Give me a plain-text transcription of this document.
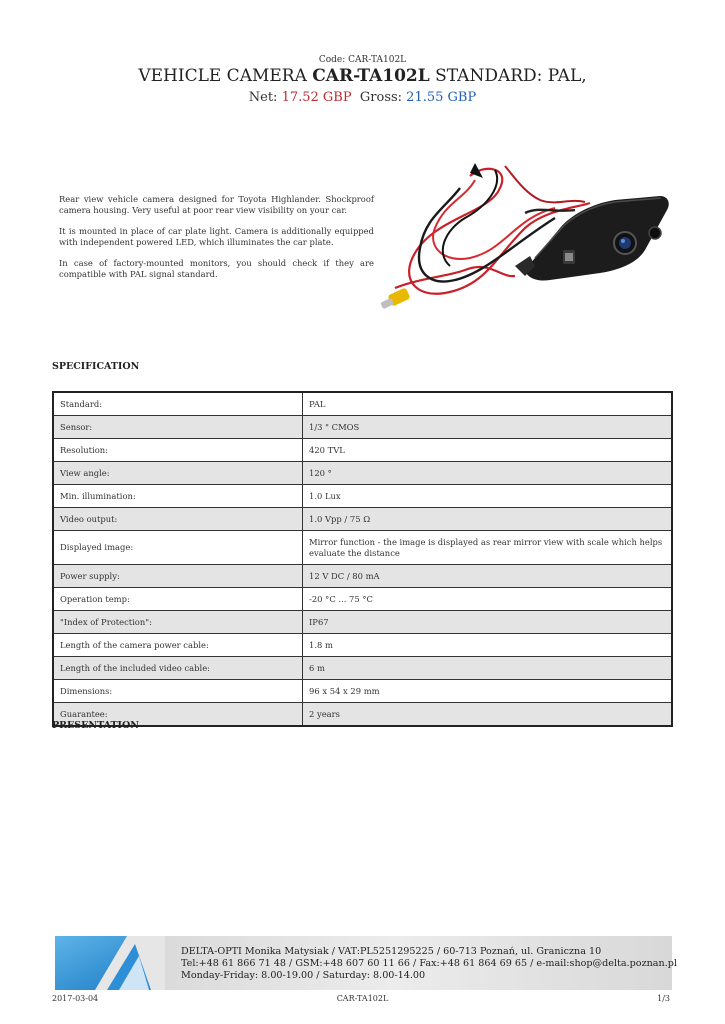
Code: CAR-TA102L
VEHICLE CAMERA CAR-TA102L STANDARD: PAL,
Net: 17.52 GBP Gross: 21.55 GBP

Rear view vehicle camera designed for Toyota Highlander. Shockproof camera housing. Very useful at poor rear view visibility on your car.

It is mounted in place of car plate light. Camera is additionally equipped with independent powered LED, which illuminates the car plate.

In case of factory-mounted monitors, you should check if they are compatible with PAL signal standard.

SPECIFICATION
Standard:	PAL
Sensor:	1/3 " CMOS
Resolution:	420 TVL
View angle:	120 °
Min. illumination:	1.0 Lux
Video output:	1.0 Vpp / 75 Ω
Displayed image:	Mirror function - the image is displayed as rear mirror view with scale which helps evaluate the distance
Power supply:	12 V DC / 80 mA
Operation temp:	-20 °C ... 75 °C
"Index of Protection":	IP67
Length of the camera power cable:	1.8 m
Length of the included video cable:	6 m
Dimensions:	96 x 54 x 29 mm
Guarantee:	2 years
PRESENTATION
DELTA-OPTI Monika Matysiak / VAT:PL5251295225 / 60-713 Poznań, ul. Graniczna 10
Tel:+48 61 866 71 48 / GSM:+48 607 60 11 66 / Fax:+48 61 864 69 65 / e-mail:shop@delta.poznan.pl
Monday-Friday: 8.00-19.00 / Saturday: 8.00-14.00
2017-03-04	CAR-TA102L	1/3
